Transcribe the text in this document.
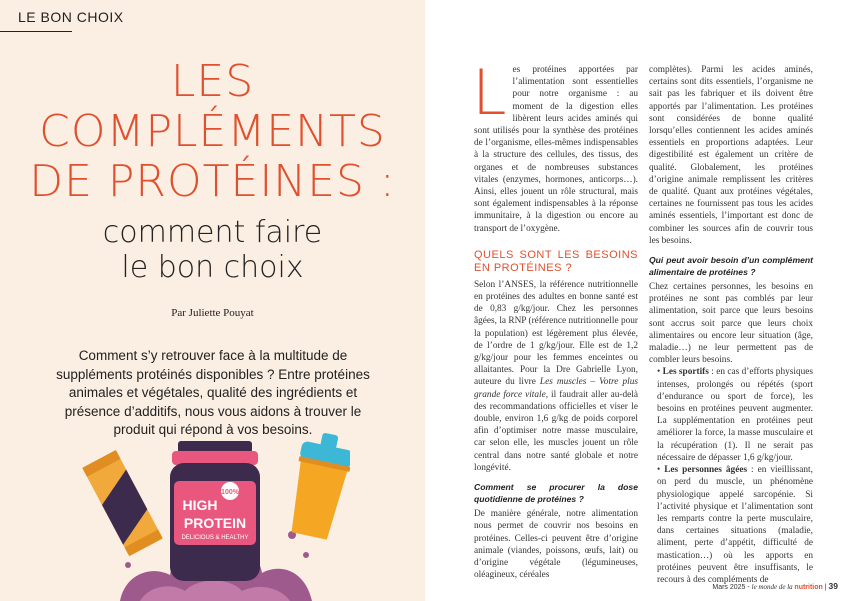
LE BON CHOIX
LES
COMPLÉMENTS
DE PROTÉINES :
comment faire
le bon choix
Par Juliette Pouyat
Comment s’y retrouver face à la multitude de suppléments protéinés disponibles ? Entre protéines animales et végétales, qualité des ingrédients et présence d’additifs, nous vous aidons à trouver le produit qui répond à vos besoins.
100%
HIGH
PROTEIN
DELICIOUS & HEALTHY

Les protéines apportées par l’alimentation sont essentielles pour notre organisme : au moment de la digestion elles libèrent leurs acides aminés qui sont utilisés pour la synthèse des protéines de l’organisme, elles-mêmes indispensables à la structure des cellules, des tissus, des organes et de nombreuses substances vitales (enzymes, hormones, anticorps…). Ainsi, elles jouent un rôle structural, mais sont également indispensables à la réponse immunitaire, à la digestion ou encore au transport de l’oxygène.

QUELS SONT LES BESOINS EN PROTÉINES ?

Selon l’ANSES, la référence nutritionnelle en protéines des adultes en bonne santé est de 0,83 g/kg/jour. Chez les personnes âgées, la RNP (référence nutritionnelle pour la population) est légèrement plus élevée, de l’ordre de 1 g/kg/jour. Elle est de 1,2 g/kg/jour pour les femmes enceintes ou allaitantes. Pour la Dre Gabrielle Lyon, auteure du livre Les muscles – Votre plus grande force vitale, il faudrait aller au-delà des recommandations officielles et viser le double, environ 1,6 g/kg de poids corporel afin d’optimiser notre masse musculaire, car selon elle, les muscles jouent un rôle central dans notre santé globale et notre longévité.

Comment se procurer la dose quotidienne de protéines ?

De manière générale, notre alimentation nous permet de couvrir nos besoins en protéines. Celles-ci peuvent être d’origine animale (viandes, poissons, œufs, lait) ou d’origine végétale (légumineuses, oléagineux, céréales

complètes). Parmi les acides aminés, certains sont dits essentiels, l’organisme ne sait pas les fabriquer et ils doivent être apportés par l’alimentation. Les protéines sont considérées de bonne qualité lorsqu’elles contiennent les acides aminés essentiels en proportions adaptées. Leur digestibilité est également un critère de qualité. Globalement, les protéines d’origine animale remplissent les critères de qualité. Quant aux protéines végétales, certaines ne fournissent pas tous les acides aminés essentiels, l’important est donc de combiner les sources afin de couvrir tous les besoins.

Qui peut avoir besoin d’un complément alimentaire de protéines ?

Chez certaines personnes, les besoins en protéines ne sont pas comblés par leur alimentation, soit parce que leurs besoins sont accrus soit parce que leurs choix alimentaires ou encore leur situation (âge, maladie…) ne leur permettent pas de combler leurs besoins.

• Les sportifs : en cas d’efforts physiques intenses, prolongés ou répétés (sport d’endurance ou sport de force), les besoins en protéines peuvent augmenter. La supplémentation en protéines peut améliorer la force, la masse musculaire et la récupération (1). Il ne serait pas nécessaire de dépasser 1,6 g/kg/jour.

• Les personnes âgées : en vieillissant, on perd du muscle, un phénomène physiologique appelé sarcopénie. Si l’activité physique et l’alimentation sont les remparts contre la perte musculaire, dans certaines situations (maladie, aliment, perte d’appétit, difficulté de mastication…) où les apports en protéines peuvent être insuffisants, le recours à des compléments de

Mars 2025 - le monde de la nutrition | 39
